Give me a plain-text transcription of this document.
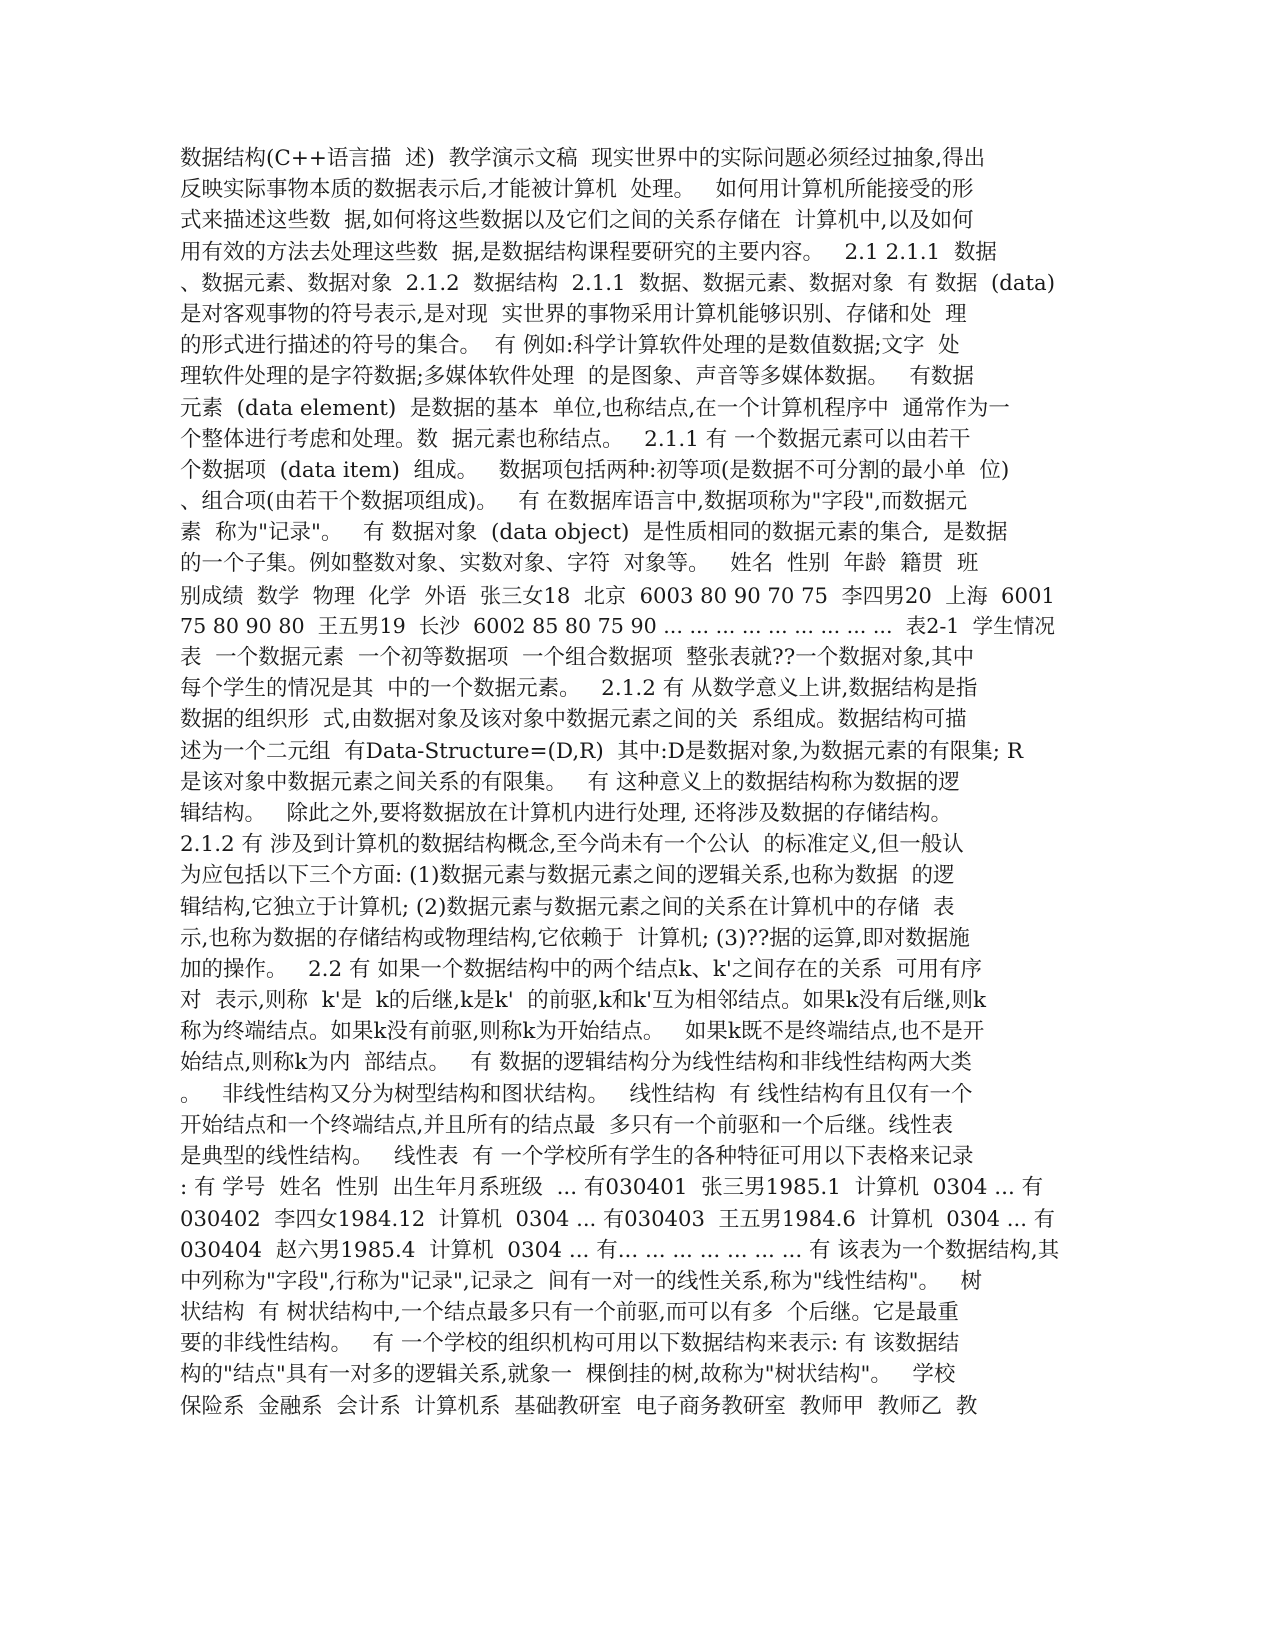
数据结构(C++语言描  述)  教学演示文稿  现实世界中的实际问题必须经过抽象,得出
反映实际事物本质的数据表示后,才能被计算机  处理。   如何用计算机所能接受的形
式来描述这些数  据,如何将这些数据以及它们之间的关系存储在  计算机中,以及如何
用有效的方法去处理这些数  据,是数据结构课程要研究的主要内容。   2.1 2.1.1  数据
、数据元素、数据对象  2.1.2  数据结构  2.1.1  数据、数据元素、数据对象  有 数据  (data)
是对客观事物的符号表示,是对现  实世界的事物采用计算机能够识别、存储和处  理
的形式进行描述的符号的集合。  有 例如:科学计算软件处理的是数值数据;文字  处
理软件处理的是字符数据;多媒体软件处理  的是图象、声音等多媒体数据。   有数据
元素  (data element)  是数据的基本  单位,也称结点,在一个计算机程序中  通常作为一
个整体进行考虑和处理。数  据元素也称结点。   2.1.1 有 一个数据元素可以由若干
个数据项  (data item)  组成。   数据项包括两种:初等项(是数据不可分割的最小单  位)
、组合项(由若干个数据项组成)。   有 在数据库语言中,数据项称为"字段",而数据元
素  称为"记录"。   有 数据对象  (data object)  是性质相同的数据元素的集合,  是数据
的一个子集。例如整数对象、实数对象、字符  对象等。   姓名  性别  年龄  籍贯  班
别成绩  数学  物理  化学  外语  张三女18  北京  6003 80 90 70 75  李四男20  上海  6001
75 80 90 80  王五男19  长沙  6002 85 80 75 90 ... ... ... ... ... ... ... ... ...  表2-1  学生情况
表  一个数据元素  一个初等数据项  一个组合数据项  整张表就??一个数据对象,其中
每个学生的情况是其  中的一个数据元素。   2.1.2 有 从数学意义上讲,数据结构是指
数据的组织形  式,由数据对象及该对象中数据元素之间的关  系组成。数据结构可描
述为一个二元组  有Data-Structure=(D,R)  其中:D是数据对象,为数据元素的有限集; R
是该对象中数据元素之间关系的有限集。   有 这种意义上的数据结构称为数据的逻
辑结构。   除此之外,要将数据放在计算机内进行处理, 还将涉及数据的存储结构。
2.1.2 有 涉及到计算机的数据结构概念,至今尚未有一个公认  的标准定义,但一般认
为应包括以下三个方面: (1)数据元素与数据元素之间的逻辑关系,也称为数据  的逻
辑结构,它独立于计算机; (2)数据元素与数据元素之间的关系在计算机中的存储  表
示,也称为数据的存储结构或物理结构,它依赖于  计算机; (3)??据的运算,即对数据施
加的操作。   2.2 有 如果一个数据结构中的两个结点k、k'之间存在的关系  可用有序
对  表示,则称  k'是  k的后继,k是k'  的前驱,k和k'互为相邻结点。如果k没有后继,则k
称为终端结点。如果k没有前驱,则称k为开始结点。   如果k既不是终端结点,也不是开
始结点,则称k为内  部结点。   有 数据的逻辑结构分为线性结构和非线性结构两大类
。   非线性结构又分为树型结构和图状结构。   线性结构  有 线性结构有且仅有一个
开始结点和一个终端结点,并且所有的结点最  多只有一个前驱和一个后继。线性表
是典型的线性结构。   线性表  有 一个学校所有学生的各种特征可用以下表格来记录
: 有 学号  姓名  性别  出生年月系班级  ... 有030401  张三男1985.1  计算机  0304 ... 有
030402  李四女1984.12  计算机  0304 ... 有030403  王五男1984.6  计算机  0304 ... 有
030404  赵六男1985.4  计算机  0304 ... 有... ... ... ... ... ... ... 有 该表为一个数据结构,其
中列称为"字段",行称为"记录",记录之  间有一对一的线性关系,称为"线性结构"。   树
状结构  有 树状结构中,一个结点最多只有一个前驱,而可以有多  个后继。它是最重
要的非线性结构。   有 一个学校的组织机构可用以下数据结构来表示: 有 该数据结
构的"结点"具有一对多的逻辑关系,就象一  棵倒挂的树,故称为"树状结构"。   学校
保险系  金融系  会计系  计算机系  基础教研室  电子商务教研室  教师甲  教师乙  教
